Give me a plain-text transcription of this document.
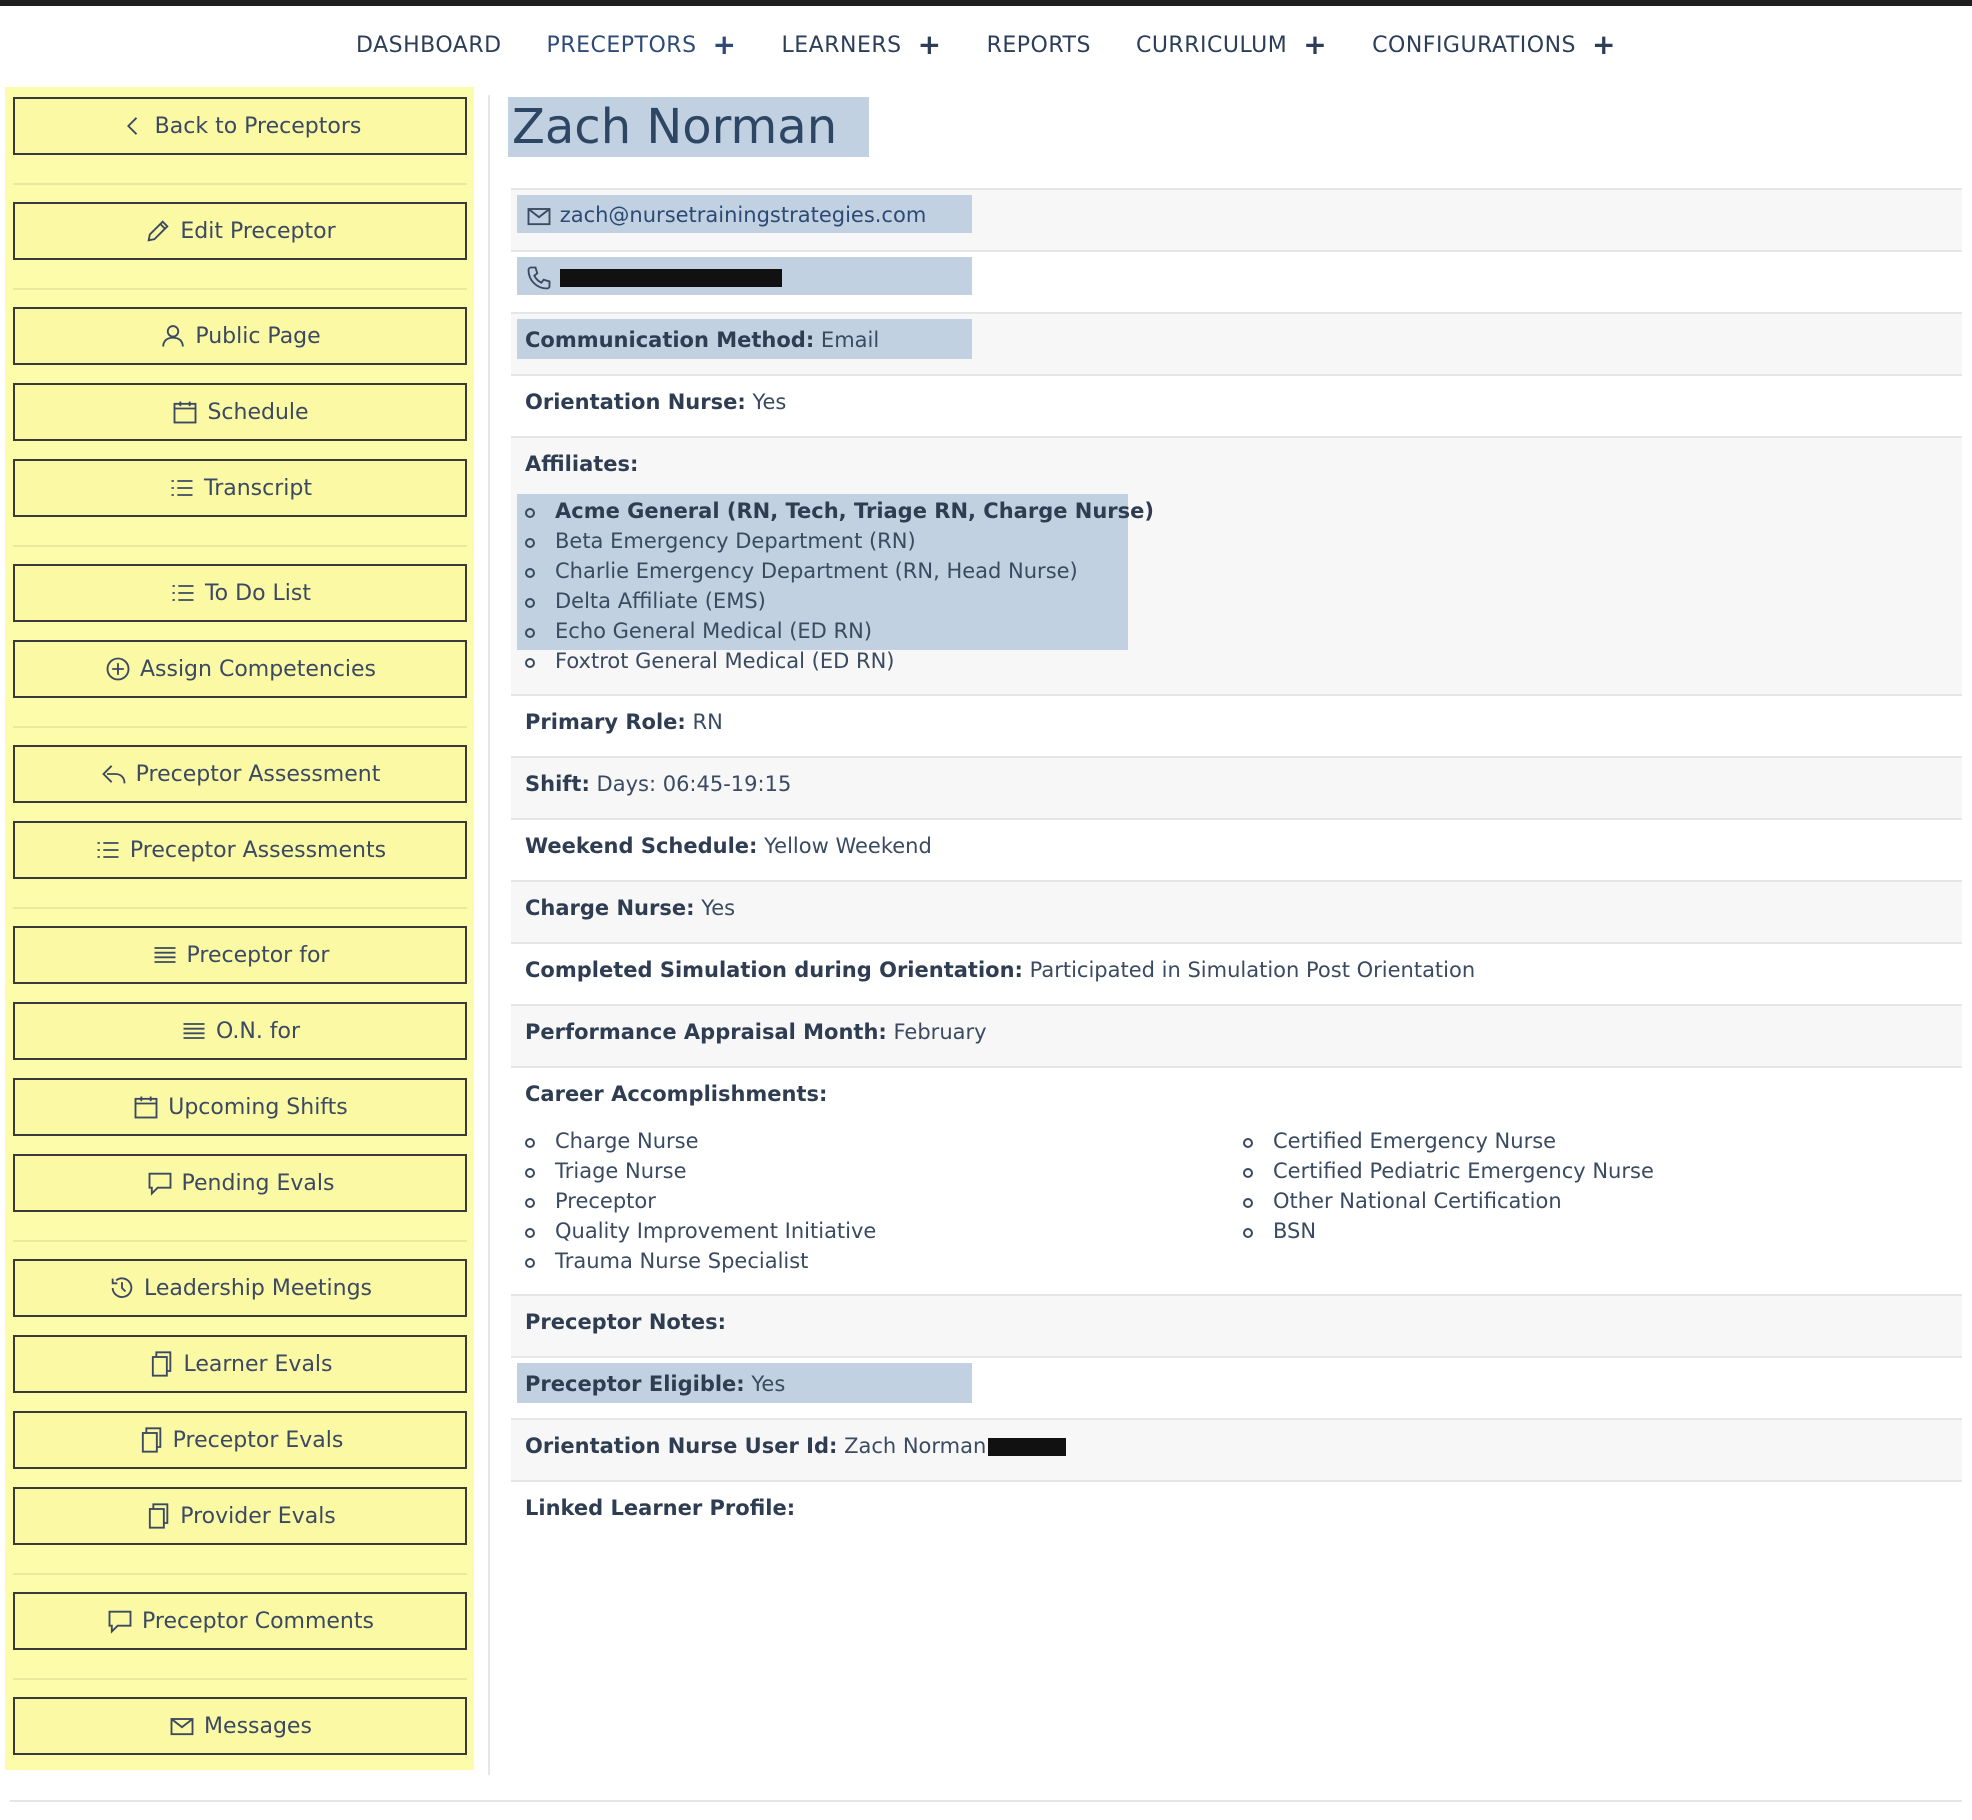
DASHBOARD PRECEPTORS + LEARNERS + REPORTS CURRICULUM + CONFIGURATIONS +
Back to Preceptors
Edit Preceptor
Public Page
Schedule
Transcript
To Do List
Assign Competencies
Preceptor Assessment
Preceptor Assessments
Preceptor for
O.N. for
Upcoming Shifts
Pending Evals
Leadership Meetings
Learner Evals
Preceptor Evals
Provider Evals
Preceptor Comments
Messages
Zach Norman
zach@nursetrainingstrategies.com

Communication Method: Email
Orientation Nurse: Yes
Affiliates:
Acme General (RN, Tech, Triage RN, Charge Nurse)
Beta Emergency Department (RN)
Charlie Emergency Department (RN, Head Nurse)
Delta Affiliate (EMS)
Echo General Medical (ED RN)
Foxtrot General Medical (ED RN)
Primary Role: RN
Shift: Days: 06:45-19:15
Weekend Schedule: Yellow Weekend
Charge Nurse: Yes
Completed Simulation during Orientation: Participated in Simulation Post Orientation
Performance Appraisal Month: February
Career Accomplishments:
Charge Nurse
Triage Nurse
Preceptor
Quality Improvement Initiative
Trauma Nurse Specialist
Certified Emergency Nurse
Certified Pediatric Emergency Nurse
Other National Certification
BSN
Preceptor Notes:
Preceptor Eligible: Yes
Orientation Nurse User Id: Zach Norman
Linked Learner Profile:
